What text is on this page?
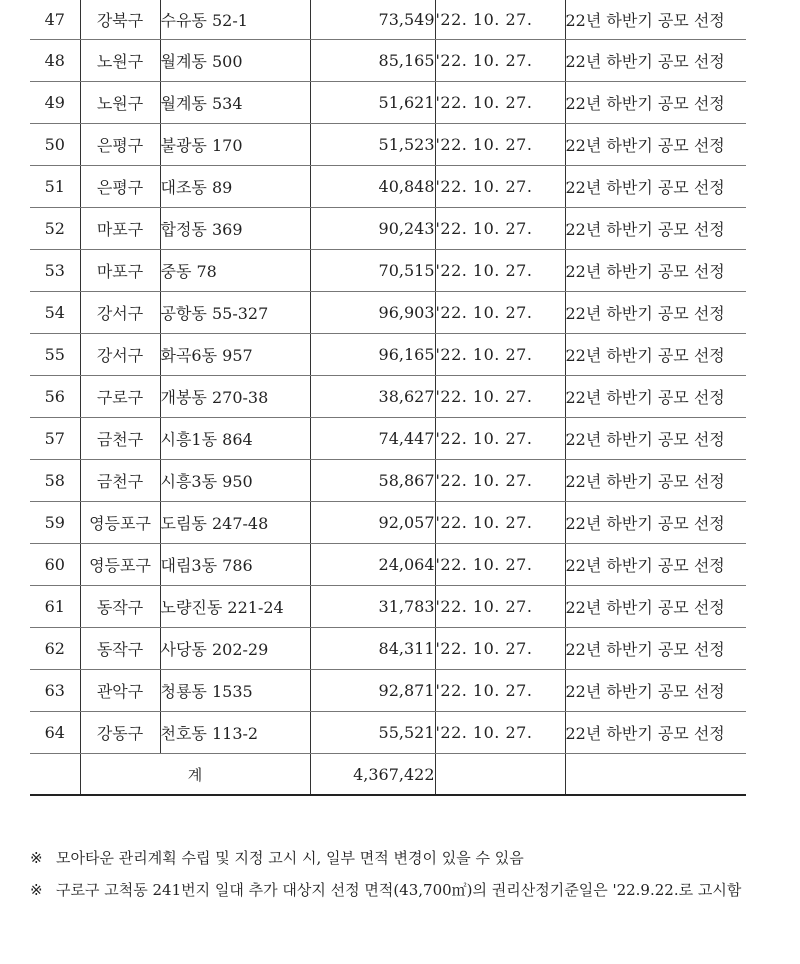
47	강북구	수유동 52-1	73,549	'22. 10. 27.	22년 하반기 공모 선정
48	노원구	월계동 500	85,165	'22. 10. 27.	22년 하반기 공모 선정
49	노원구	월계동 534	51,621	'22. 10. 27.	22년 하반기 공모 선정
50	은평구	불광동 170	51,523	'22. 10. 27.	22년 하반기 공모 선정
51	은평구	대조동 89	40,848	'22. 10. 27.	22년 하반기 공모 선정
52	마포구	합정동 369	90,243	'22. 10. 27.	22년 하반기 공모 선정
53	마포구	중동 78	70,515	'22. 10. 27.	22년 하반기 공모 선정
54	강서구	공항동 55-327	96,903	'22. 10. 27.	22년 하반기 공모 선정
55	강서구	화곡6동 957	96,165	'22. 10. 27.	22년 하반기 공모 선정
56	구로구	개봉동 270-38	38,627	'22. 10. 27.	22년 하반기 공모 선정
57	금천구	시흥1동 864	74,447	'22. 10. 27.	22년 하반기 공모 선정
58	금천구	시흥3동 950	58,867	'22. 10. 27.	22년 하반기 공모 선정
59	영등포구	도림동 247-48	92,057	'22. 10. 27.	22년 하반기 공모 선정
60	영등포구	대림3동 786	24,064	'22. 10. 27.	22년 하반기 공모 선정
61	동작구	노량진동 221-24	31,783	'22. 10. 27.	22년 하반기 공모 선정
62	동작구	사당동 202-29	84,311	'22. 10. 27.	22년 하반기 공모 선정
63	관악구	청룡동 1535	92,871	'22. 10. 27.	22년 하반기 공모 선정
64	강동구	천호동 113-2	55,521	'22. 10. 27.	22년 하반기 공모 선정
	계		4,367,422		
※ 모아타운 관리계획 수립 및 지정 고시 시, 일부 면적 변경이 있을 수 있음
※ 구로구 고척동 241번지 일대 추가 대상지 선정 면적(43,700㎡)의 권리산정기준일은 '22.9.22.로 고시함
